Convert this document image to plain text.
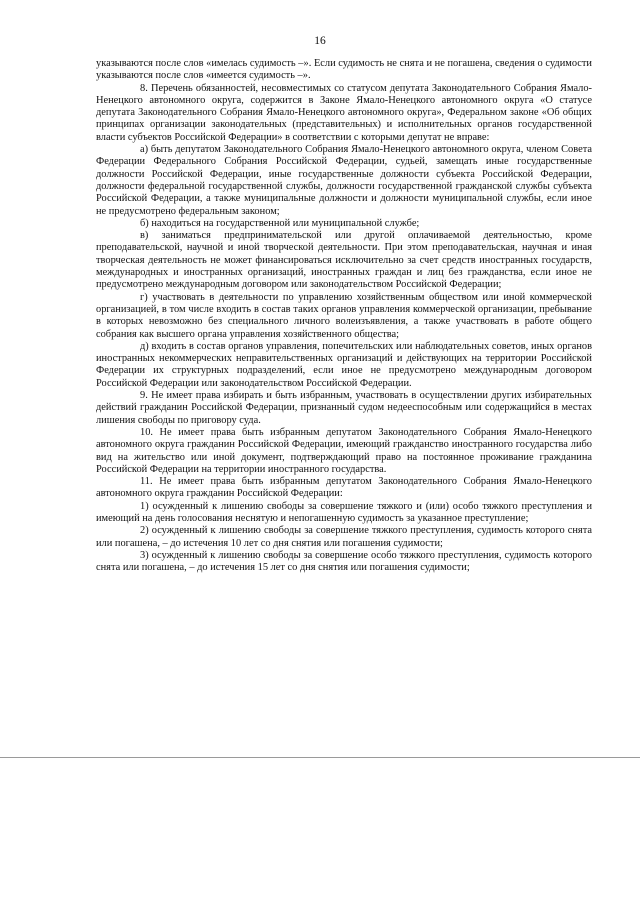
16

указываются после слов «имелась судимость –». Если судимость не снята и не погашена, сведения о судимости указываются после слов «имеется судимость –».

8. Перечень обязанностей, несовместимых со статусом депутата Законодательного Собрания Ямало-Ненецкого автономного округа, содержится в Законе Ямало-Ненецкого автономного округа «О статусе депутата Законодательного Собрания Ямало-Ненецкого автономного округа», Федеральном законе «Об общих принципах организации законодательных (представительных) и исполнительных органов государственной власти субъектов Российской Федерации» в соответствии с которыми депутат не вправе:

а) быть депутатом Законодательного Собрания Ямало-Ненецкого автономного округа, членом Совета Федерации Федерального Собрания Российской Федерации, судьей, замещать иные государственные должности Российской Федерации, иные государственные должности субъекта Российской Федерации, должности федеральной государственной службы, должности государственной гражданской службы субъекта Российской Федерации, а также муниципальные должности и должности муниципальной службы, если иное не предусмотрено федеральным законом;

б) находиться на государственной или муниципальной службе;

в) заниматься предпринимательской или другой оплачиваемой деятельностью, кроме преподавательской, научной и иной творческой деятельности. При этом преподавательская, научная и иная творческая деятельность не может финансироваться исключительно за счет средств иностранных государств, международных и иностранных организаций, иностранных граждан и лиц без гражданства, если иное не предусмотрено международным договором или законодательством Российской Федерации;

г) участвовать в деятельности по управлению хозяйственным обществом или иной коммерческой организацией, в том числе входить в состав таких органов управления коммерческой организации, пребывание в которых невозможно без специального личного волеизъявления, а также участвовать в работе общего собрания как высшего органа управления хозяйственного общества;

д) входить в состав органов управления, попечительских или наблюдательных советов, иных органов иностранных некоммерческих неправительственных организаций и действующих на территории Российской Федерации их структурных подразделений, если иное не предусмотрено международным договором Российской Федерации или законодательством Российской Федерации.

9. Не имеет права избирать и быть избранным, участвовать в осуществлении других избирательных действий гражданин Российской Федерации, признанный судом недееспособным или содержащийся в местах лишения свободы по приговору суда.

10. Не имеет права быть избранным депутатом Законодательного Собрания Ямало-Ненецкого автономного округа гражданин Российской Федерации, имеющий гражданство иностранного государства либо вид на жительство или иной документ, подтверждающий право на постоянное проживание гражданина Российской Федерации на территории иностранного государства.

11. Не имеет права быть избранным депутатом Законодательного Собрания Ямало-Ненецкого автономного округа гражданин Российской Федерации:

1) осужденный к лишению свободы за совершение тяжкого и (или) особо тяжкого преступления и имеющий на день голосования неснятую и непогашенную судимость за указанное преступление;

2) осужденный к лишению свободы за совершение тяжкого преступления, судимость которого снята или погашена, – до истечения 10 лет со дня снятия или погашения судимости;

3) осужденный к лишению свободы за совершение особо тяжкого преступления, судимость которого снята или погашена, – до истечения 15 лет со дня снятия или погашения судимости;
